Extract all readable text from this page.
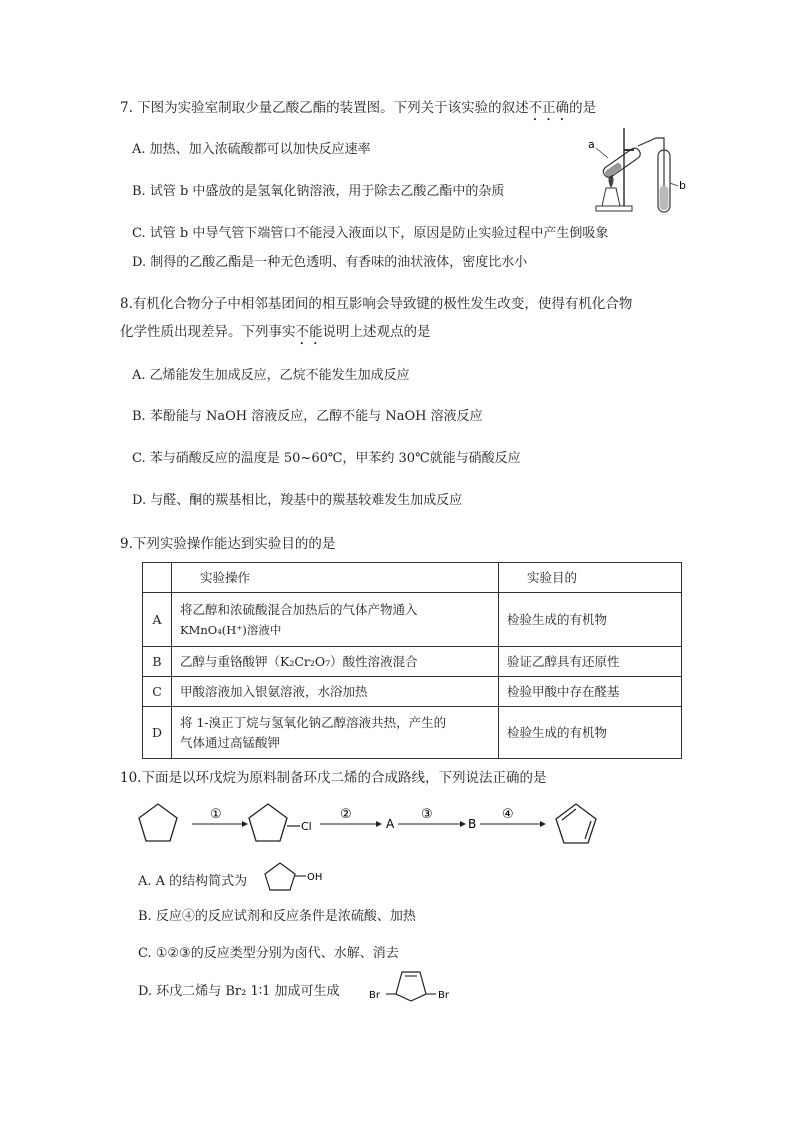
7. 下图为实验室制取少量乙酸乙酯的装置图。下列关于该实验的叙述不正确的是
A. 加热、加入浓硫酸都可以加快反应速率
B. 试管 b 中盛放的是氢氧化钠溶液，用于除去乙酸乙酯中的杂质
C. 试管 b 中导气管下端管口不能浸入液面以下，原因是防止实验过程中产生倒吸象
D. 制得的乙酸乙酯是一种无色透明、有香味的油状液体，密度比水小
a
b
8.有机化合物分子中相邻基团间的相互影响会导致键的极性发生改变，使得有机化合物
化学性质出现差异。下列事实不能说明上述观点的是
A. 乙烯能发生加成反应，乙烷不能发生加成反应
B. 苯酚能与 NaOH 溶液反应，乙醇不能与 NaOH 溶液反应
C. 苯与硝酸反应的温度是 50~60℃，甲苯约 30℃就能与硝酸反应
D. 与醛、酮的羰基相比，羧基中的羰基较难发生加成反应
9.下列实验操作能达到实验目的的是
	实验操作	实验目的
A	将乙醇和浓硫酸混合加热后的气体产物通入
KMnO₄(H⁺)溶液中	检验生成的有机物
B	乙醇与重铬酸钾（K₂Cr₂O₇）酸性溶液混合	验证乙醇具有还原性
C	甲酸溶液加入银氨溶液，水浴加热	检验甲酸中存在醛基
D	将 1-溴正丁烷与氢氧化钠乙醇溶液共热，产生的
气体通过高锰酸钾	检验生成的有机物
10.下面是以环戊烷为原料制备环戊二烯的合成路线，下列说法正确的是
①
Cl
②
A
③
B
④
A. A 的结构简式为	OH
B. 反应④的反应试剂和反应条件是浓硫酸、加热
C. ①②③的反应类型分别为卤代、水解、消去
D. 环戊二烯与 Br₂ 1∶1 加成可生成	Br	Br
